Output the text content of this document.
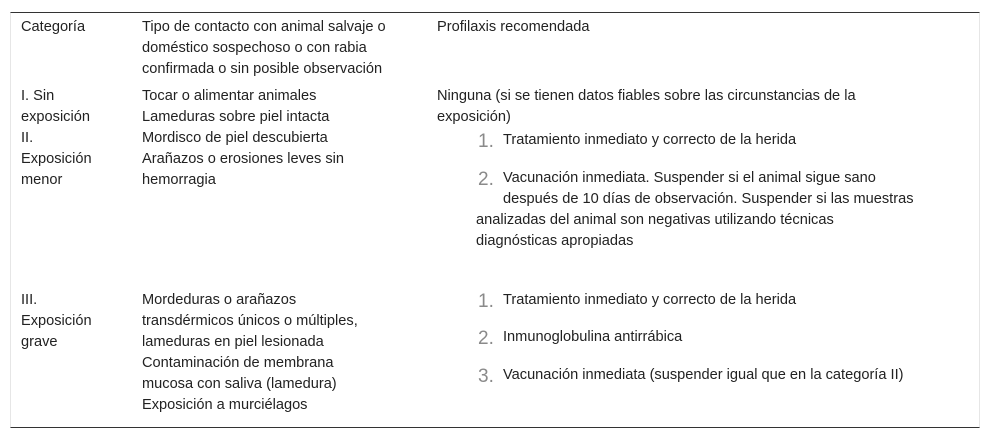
Categoría	Tipo de contacto con animal salvaje o
doméstico sospechoso o con rabia
confirmada o sin posible observación
Profilaxis recomendada
I. Sin
exposición
Tocar o alimentar animales
Lameduras sobre piel intacta
Ninguna (si se tienen datos fiables sobre las circunstancias de la
exposición)
II.
Exposición
menor
Mordisco de piel descubierta
Arañazos o erosiones leves sin
hemorragia
1. Tratamiento inmediato y correcto de la herida
2. Vacunación inmediata. Suspender si el animal sigue sano
después de 10 días de observación. Suspender si las muestras
analizadas del animal son negativas utilizando técnicas
diagnósticas apropiadas
III.
Exposición
grave
Mordeduras o arañazos
transdérmicos únicos o múltiples,
lameduras en piel lesionada
Contaminación de membrana
mucosa con saliva (lamedura)
Exposición a murciélagos
1. Tratamiento inmediato y correcto de la herida
2. Inmunoglobulina antirrábica
3. Vacunación inmediata (suspender igual que en la categoría II)
